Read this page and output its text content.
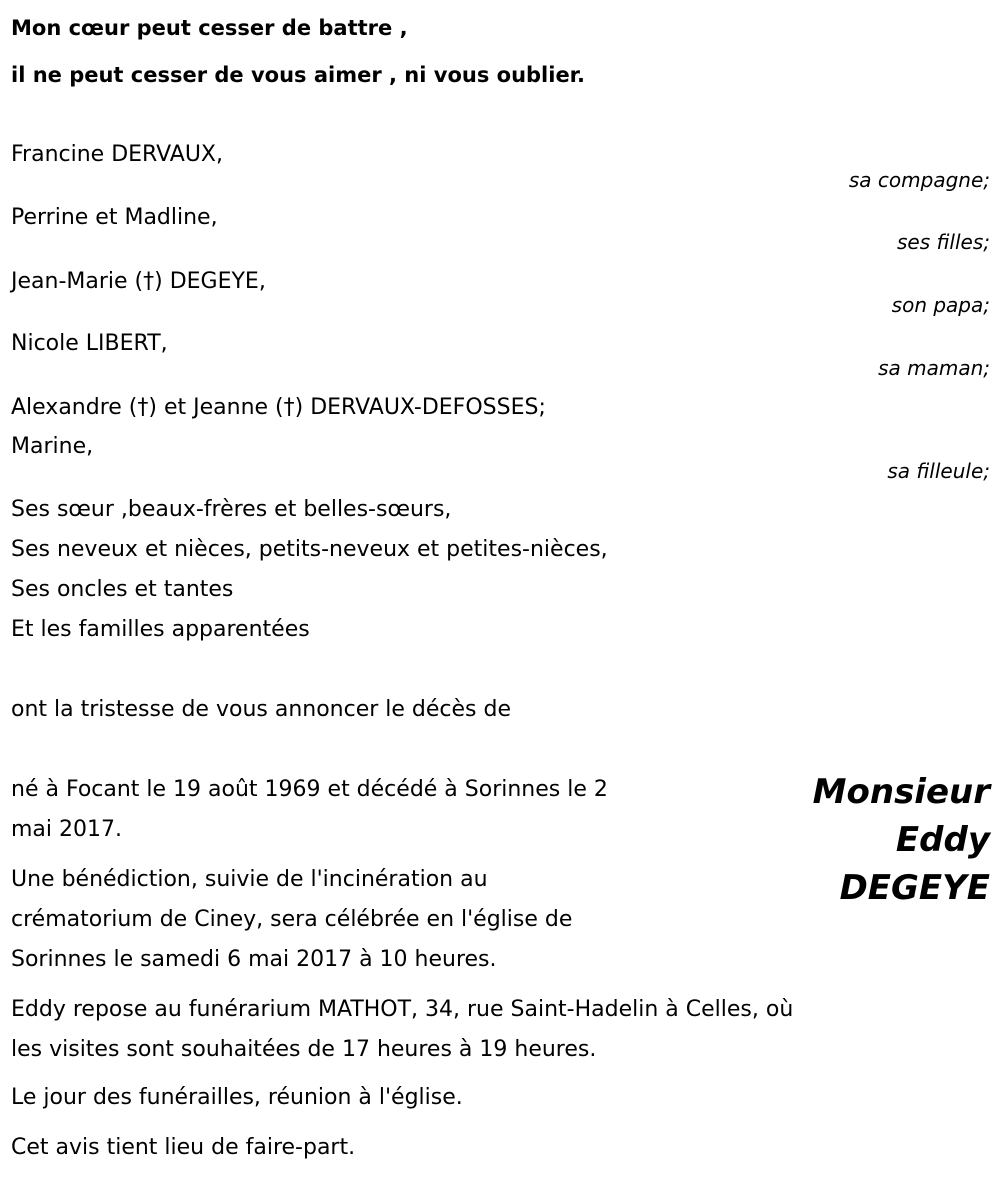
Mon cœur peut cesser de battre ,
il ne peut cesser de vous aimer , ni vous oublier.
Francine DERVAUX,
sa compagne;
Perrine et Madline,
ses filles;
Jean-Marie (†) DEGEYE,
son papa;
Nicole LIBERT,
sa maman;
Alexandre (†) et Jeanne (†) DERVAUX-DEFOSSES;
Marine,
sa filleule;
Ses sœur ,beaux-frères et belles-sœurs,
Ses neveux et nièces, petits-neveux et petites-nièces,
Ses oncles et tantes
Et les familles apparentées
ont la tristesse de vous annoncer le décès de
Monsieur
Eddy
DEGEYE
né à Focant le 19 août 1969 et décédé à Sorinnes le 2
mai 2017.
Une bénédiction, suivie de l'incinération au
crématorium de Ciney, sera célébrée en l'église de
Sorinnes le samedi 6 mai 2017 à 10 heures.
Eddy repose au funérarium MATHOT, 34, rue Saint-Hadelin à Celles, où
les visites sont souhaitées de 17 heures à 19 heures.
Le jour des funérailles, réunion à l'église.
Cet avis tient lieu de faire-part.
